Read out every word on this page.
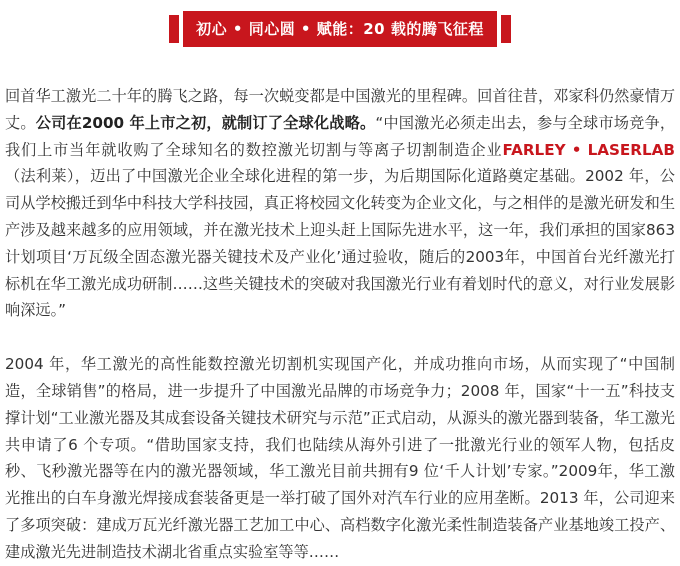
初心 • 同心圆 • 赋能：20 载的腾飞征程

回首华工激光二十年的腾飞之路，每一次蜕变都是中国激光的里程碑。回首往昔，邓家科仍然豪情万丈。公司在2000 年上市之初，就制订了全球化战略。“中国激光必须走出去，参与全球市场竞争，我们上市当年就收购了全球知名的数控激光切割与等离子切割制造企业FARLEY • LASERLAB（法利莱），迈出了中国激光企业全球化进程的第一步，为后期国际化道路奠定基础。2002 年，公司从学校搬迁到华中科技大学科技园，真正将校园文化转变为企业文化，与之相伴的是激光研发和生产涉及越来越多的应用领域，并在激光技术上迎头赶上国际先进水平，这一年，我们承担的国家863计划项目‘万瓦级全固态激光器关键技术及产业化’通过验收，随后的2003年，中国首台光纤激光打标机在华工激光成功研制……这些关键技术的突破对我国激光行业有着划时代的意义，对行业发展影响深远。”

2004 年，华工激光的高性能数控激光切割机实现国产化，并成功推向市场，从而实现了“中国制造，全球销售”的格局，进一步提升了中国激光品牌的市场竞争力；2008 年，国家“十一五”科技支撑计划“工业激光器及其成套设备关键技术研究与示范”正式启动，从源头的激光器到装备，华工激光共申请了6 个专项。“借助国家支持，我们也陆续从海外引进了一批激光行业的领军人物，包括皮秒、飞秒激光器等在内的激光器领域，华工激光目前共拥有9 位‘千人计划’专家。”2009年，华工激光推出的白车身激光焊接成套装备更是一举打破了国外对汽车行业的应用垄断。2013 年，公司迎来了多项突破：建成万瓦光纤激光器工艺加工中心、高档数字化激光柔性制造装备产业基地竣工投产、建成激光先进制造技术湖北省重点实验室等等……
